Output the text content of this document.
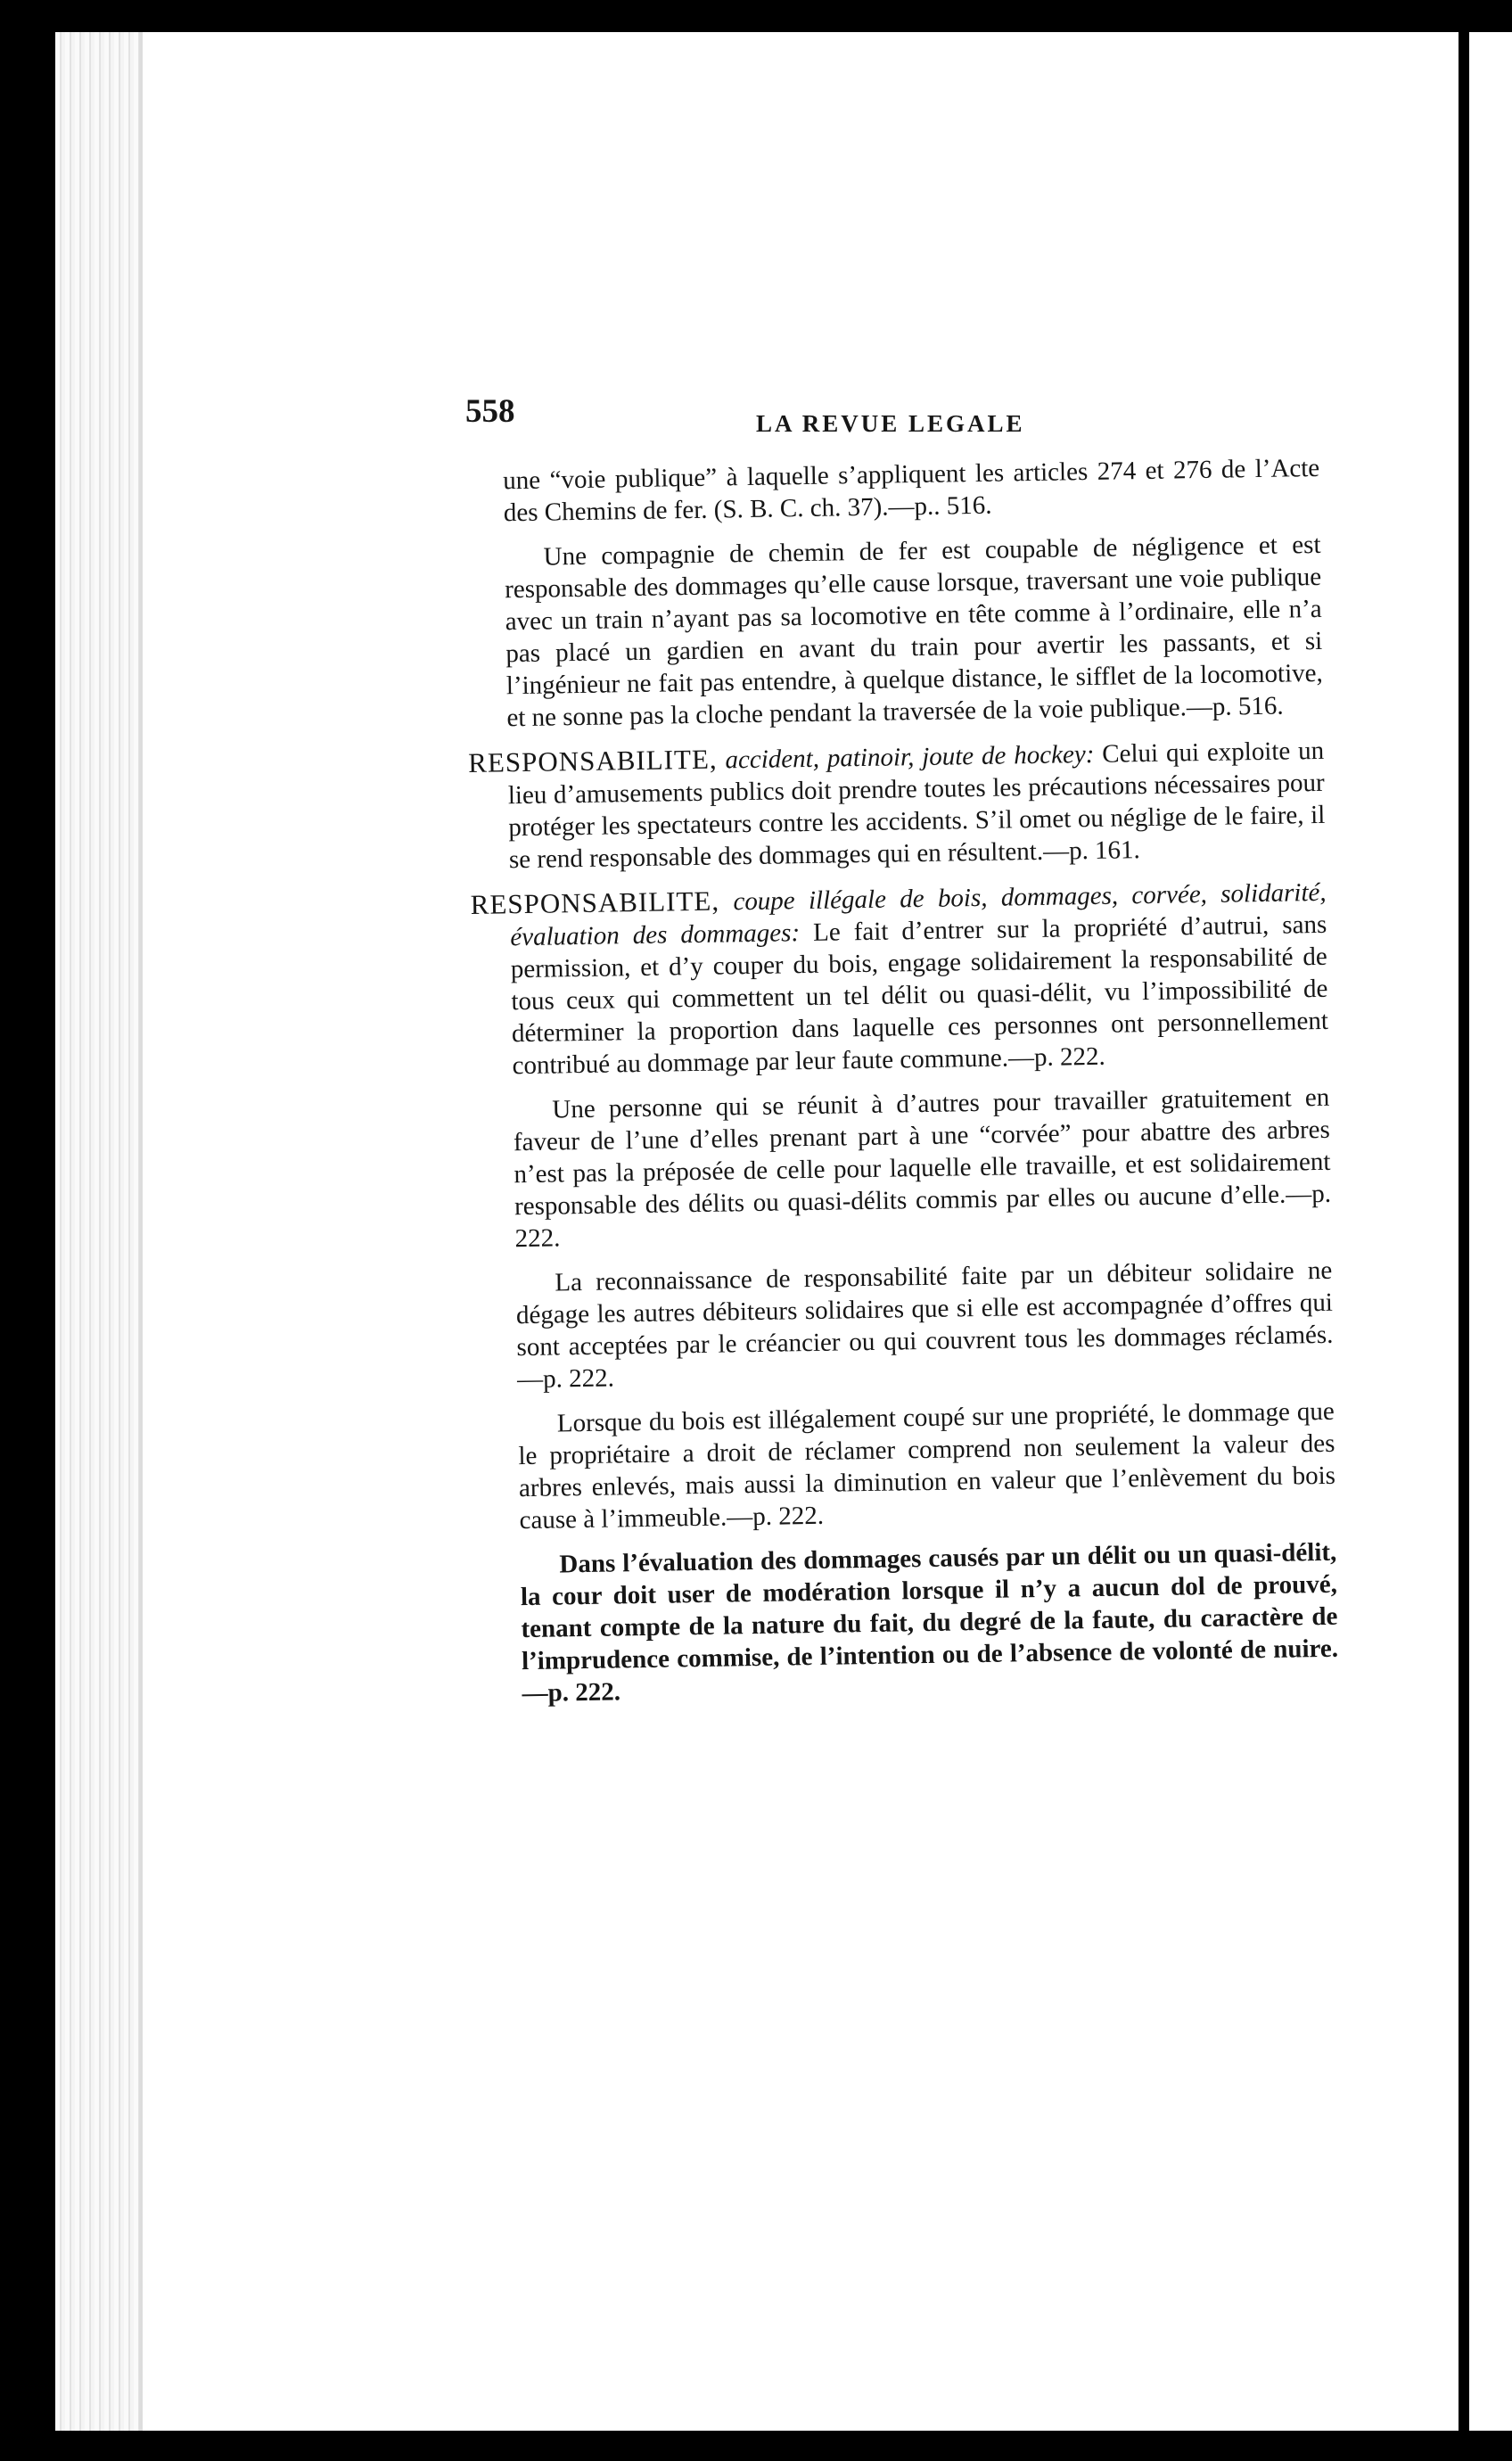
558	LA REVUE LEGALE

une “voie publique” à laquelle s’appliquent les articles 274 et 276 de l’Acte des Chemins de fer. (S. B. C. ch. 37).—p.. 516.

Une compagnie de chemin de fer est coupable de négligence et est responsable des dommages qu’elle cause lorsque, traversant une voie publique avec un train n’ayant pas sa locomotive en tête comme à l’ordinaire, elle n’a pas placé un gardien en avant du train pour avertir les passants, et si l’ingénieur ne fait pas entendre, à quelque distance, le sifflet de la locomotive, et ne sonne pas la cloche pendant la traversée de la voie publique.—p. 516.

RESPONSABILITE, accident, patinoir, joute de hockey: Celui qui exploite un lieu d’amusements publics doit prendre toutes les précautions nécessaires pour protéger les spectateurs contre les accidents. S’il omet ou néglige de le faire, il se rend responsable des dommages qui en résultent.—p. 161.

RESPONSABILITE, coupe illégale de bois, dommages, corvée, solidarité, évaluation des dommages: Le fait d’entrer sur la propriété d’autrui, sans permission, et d’y couper du bois, engage solidairement la responsabilité de tous ceux qui commettent un tel délit ou quasi-délit, vu l’impossibilité de déterminer la proportion dans laquelle ces personnes ont personnellement contribué au dommage par leur faute commune.—p. 222.

Une personne qui se réunit à d’autres pour travailler gratuitement en faveur de l’une d’elles prenant part à une “corvée” pour abattre des arbres n’est pas la préposée de celle pour laquelle elle travaille, et est solidairement responsable des délits ou quasi-délits commis par elles ou aucune d’elle.—p. 222.

La reconnaissance de responsabilité faite par un débiteur solidaire ne dégage les autres débiteurs solidaires que si elle est accompagnée d’offres qui sont acceptées par le créancier ou qui couvrent tous les dommages réclamés.—p. 222.

Lorsque du bois est illégalement coupé sur une propriété, le dommage que le propriétaire a droit de réclamer comprend non seulement la valeur des arbres enlevés, mais aussi la diminution en valeur que l’enlèvement du bois cause à l’immeuble.—p. 222.

Dans l’évaluation des dommages causés par un délit ou un quasi-délit, la cour doit user de modération lorsque il n’y a aucun dol de prouvé, tenant compte de la nature du fait, du degré de la faute, du caractère de l’imprudence commise, de l’intention ou de l’absence de volonté de nuire.—p. 222.
